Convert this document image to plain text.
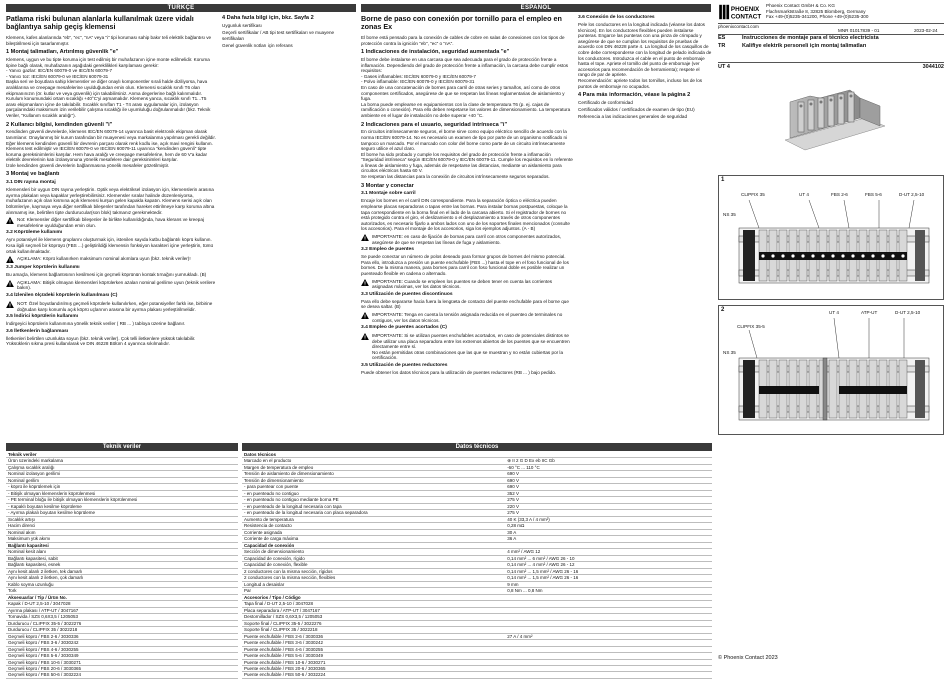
TÜRKÇE
Patlama riski bulunan alanlarla kullanılmak üzere vidalı bağlantıya sahip geçiş klemensi

Klemens, kafes alanlarında "eb", "ec", "nA" veya "i" tipi koruması sahip bakır teli elektrik bağlantısı ve bileştirilmesi için tasarlanmıştır.

1 Montaj talimatları, Artırılmış güvenlik "e"

Klemens, uygun ve bu tipte koruma için test edilmiş bir muhafazanın içine monte edilmelidir. Koruma tipine bağlı olarak, muhafazanın aşağıdaki gereklilikleri karşılaması gerekir:
- Yanıcı gazlar: IEC/EN 60079-0 ve IEC/EN 60079-7
- Yanıcı toz: IEC/EN 60079-0 ve IEC/EN 60079-31
Başka seri ve boyutlara sahip klemensler ve diğer onaylı komponentler sırali halde diziliyorsa, hava aralıklarına ve creepage mesafelerine uyulduğundan emin olun. Klemensi sıcaklık sınıfı T6 olan ekipmanınızın (ör. kutlar ve veya güvenlik) için takabilirsiniz. Anma degerlerine bağlı kalınmalıdır. Kurulum konumundaki ortam sıcaklığı +40°C'yi aşmamalıdır. Klemens yanca, sıcaklık sınıfı T1...T5 arası ekipmanların içine de takılabilir. Sıcaklık sınıfları T1 - T4 arası uygulamalar için, izolasyon parçalarındaki maksimum izin verilebilir çalışma sıcaklığı ile uyumluluğu doğrulanmalıdır (bkz. Teknik Veriler, "Kullanım sıcaklık aralığı").

2 Kullanıcı bilgisi, kendinden güvenli "i"

Kendinden güvenli devrelerde, klemens IEC/EN 60079-14 uyarınca basit elektronik ekipman olarak tanımlanır. Onaylanmış bir kurum tarafından bir muayenesi veya markalanma yapılması gerekli değildir. Eğer klemens kendinden güvenli bir devrenin parçası olarak renk kodlu ise, açık mavi rengini kullanın. Klemens test edilmiştir ve IEC/EN 60079-0 ve IEC/EN 60079-11 uyarınca "kendinden güvenli" tipte koruma gereksinimlerini karşılar. Hem hava aralığı ve creepage mesafelerine, hem de 60 V'a kadar elektrik devrelerinin katı izolasyonuna yönelik mesafelere dair gereksinimleri karşılar.
İzole kendinden güvenli devrelerin bağlanmasına yönelik mesafeler gözetilmiştir.

3 Montaj ve bağlantı
3.1 DIN rayına montaj

Klemensleri bir uygun DIN rayına yerleştirin. Optik veya elektriksel izolasyon için, klemenslerin arasına ayırma plakaları veya kapaklar yerleştirebilirsiniz. Klemensler sıralar halinde düzenleniyorsa, muhafazanın açık olan kısmına açık klemensi kurşun gelen kapakla kapatın. Klemens serisi açık olan bölümleriye, kaymaya veya diğer sertifikalı bileşenler tarafından hareket ettirilmeye karşı koruma altına alınmamış ise, belirtilen tipte durdurucular(son blok) takmanız gerekmektedir.

Not: Klemensler diğer sertifikalı bileşenler ile birlikte kullanıldığında, hava klerans ve kreepaj mesafelerine uyulduğundan emin olun.
3.2 Köprüleme kullanımı

Aynı potansiyel ile klemens gruplarını oluşturmak için, istenilen sayıda kutbu bağlantılı köprü kullanın. Kısa ilgili seçmeli bir köprüyü (FBS ...) geliştirildiği klemensin fonksiyon karakteri içine yerleştirin, tümü ortak kullanılmaktadır.

AÇIKLAMA: Köprü kullanırken maksimum nominal akımlara uyun (bkz. teknik veriler)!
3.3 Jumper köprülerin kullanımı

Bu amaçla, klemens bağlantısının kesilmesi için geçmeli köprünün kontak tırnağını yumrukladı. (B)

AÇIKLAMA: Bitişik olmayan klemensleri köprülerken azalan nominal gerilime uyun (teknik verilere bakın).
3.4 İzlenilen ölçüdeki köprülerin kullanılması (C)
NOT: Özel boyutlandırılmış geçmeli köprülerle kullanılırken, eğer potansiyeller farklı ise, birbirine doğrudan karşı konumlu açık köprü uçlarının arasına bir ayırma plakası yerleştirilmelidir.
3.5 İndirici köprülerin kullanımı

İndirgeyici köprülerin kullanımına yönelik teknik veriler ( RB ... ) tabloya üzerine bağlanır.

3.6 İletkenlerin bağlanması

İletkenleri belirtilen uzunlukta soyun (bkz. teknik veriler). Çok telli iletkenlere yüksük takılabilir. Yüksüklerin sıkma presi kullanılarak ve DIN 46228 Bölüm 4 uyarınca sıkılmalıdır.

4 Daha fazla bilgi için, bkz. Sayfa 2

Uygunluk sertifikası

Geçerli sertifikalar / AB tipi test sertifikaları ve muayene sertifikaları

Genel güvenlik notları için referans

ESPAÑOL
Borne de paso con conexión por tornillo para el empleo en zonas Ex

El borne está pensado para la conexión de cables de cobre en salas de conexiones con los tipos de protección contra la ignición "eb", "ec" o "nA".

1 Indicaciones de instalación, seguridad aumentada "e"

El borne debe instalarse en una carcasa que sea adecuada para el grado de protección frente a inflamación. Dependiendo del grado de protección frente a inflamación, la carcasa debe cumplir estos requisitos:
- Gases inflamables: IEC/EN 60079-0 y IEC/EN 60079-7
- Polvo inflamable: IEC/EN 60079-0 y IEC/EN 60079-31
En caso de una concatenación de bornes para carril de otras series y tamaños, así como de otros componentes certificados, asegúrese de que se respetan las líneas reglamentarias de aislamiento y fuga.
La borna puede emplearse en equipamientos con la clase de temperatura T6 (p. ej. cajas de ramificación o conexión). Para ello deben respetarse los valores de dimensionamiento. La temperatura ambiente en el lugar de instalación no debe superar +40 °C.

2 Indicaciones para el usuario, seguridad intrínseca "i"

En circuitos intrínsecamente seguros, el borne sirve como equipo eléctrico sencillo de acuerdo con la norma IEC/EN 60079-14. No es necesario un examen de tipo por parte de un organismo notificado ni tampoco un marcado. Por el marcado con color del borne como parte de un circuito intrínsecamente seguro utilice el azul claro.
El borne ha sido probado y cumple los requisitos del grado de protección frente a inflamación "Seguridad intrínseca" según IEC/EN 60079-0 y IEC/EN 60079-11. Cumple los requisitos en lo referente a líneas de aislamiento y fuga, además de respetarse las distancias, mediante un aislamiento para circuitos eléctricos hasta 60 V.
Se respetan las distancias para la conexión de circuitos intrínsecamente seguros separados.

3 Montar y conectar
3.1 Montaje sobre carril

Encaje los bornes en el carril DIN correspondiente. Para la separación óptica o eléctrica pueden emplearse placas separadoras o tapas entre las bornas. Para instalar bornas postpuestas, coloque la tapa correspondiente en la borna final en el lado de la carcasa abierto. Si el registrador de bornes no está protegido contra el giro, el deslizamiento o el desplazamiento a través de otros componentes autorizados, es necesario fijarlo a ambos lados con uno de los soportes finales mencionados (consulte los accesorios). Para el montaje de los accesorios, siga los ejemplos adjuntos. (A - B)

IMPORTANTE: en caso de fijación de bornas para carril con otros componentes autorizados, asegúrese de que se respetan las líneas de fuga y aislamiento.
3.2 Empleo de puentes

Se puede conectar un número de polos deseado para formar grupos de bornes del mismo potencial. Para ello, introduzca a presión un puente enchufable (FBS ...) hasta el tope en el foso funcional de los bornes. De la misma manera, para bornes para carril con foso funcional doble es posible realizar un puenteado flexible en cadena o alternado.

IMPORTANTE: Cuando se empleen los puentes se deben tener en cuenta las corrientes asignadas máximas, ver los datos técnicos.
3.3 Utilización de puentes discontinuos

Para ello debe separarse hacia fuera la lengüeta de contacto del puente enchufable para el borne que se desea saltar. (B)

IMPORTANTE: Tenga en cuenta la tensión asignada reducida en el puenteo de terminales no contiguos, ver los datos técnicos.
3.4 Empleo de puentes acortados (C)
IMPORTANTE: Si se utilizan puentes enchufables acortados, en caso de potenciales distintos se debe utilizar una placa separadora entre los extremos abiertos de los puentes que se encuentren directamente entre sí.
No están permitidas otras combinaciones que las que se muestran y no están cubiertas por la certificación.
3.5 Utilización de puentes reductores

Puede obtener los datos técnicos para la utilización de puentes reductores (RB ... ) bajo pedido.

3.6 Conexión de los conductores

Pele los conductores en la longitud indicada (véanse los datos técnicos). En los conductores flexibles pueden instalarse punteras. Engarce las punteras con una pinza de crimpado y asegúrese de que se cumplan los requisitos de pruebas de acuerdo con DIN 46228 parte 4. La longitud de los casquillos de cobre debe corresponderse con la longitud de pelado indicada de los conductores. Introduzca el cable en el punto de embornaje hasta el tope. Apriete el tornillo del punto de embornaje (ver accesorios para recomendación de herramienta); respete el rango de par de apriete.
Recomendación: apriete todos los tornillos, incluso los de los puntos de embornaje no ocupados.

4 Para más información, véase la página 2

Certificado de conformidad

Certificados válidos / certificados de examen de tipo (EU)

Referencia a las indicaciones generales de seguridad

PHOENIX
CONTACT
Phoenix Contact GmbH & Co. KG
Flachsmarktstraße 8, 32825 Blomberg, Germany
Fax +49-(0)5235-341200, Phone +49-(0)5235-300
phoenixcontact.com
MNR 01017839 - 01	2023-02-24
ES	Instrucciones de montaje para el técnico electricista
TR	Kalifiye elektrik personeli için montaj talimatları
UT 4	3044102
1
CLIPFIX 35	UT 4	FBS 2-6	FBS 5-6	D-UT 2,5-10
NS 35
2
CLIPFIX 35-5
UT 4	ATP-UT	D-UT 2,5-10
NS 35
Teknik veriler	Datos técnicos
Teknik veriler
Ürün üzerindeki markalama
Çalışma sıcaklık aralığı
Nominal izolasyon gerilimi
Nominal gerilim
- köprü ile köprülemek için
- Bitişik olmayan klemenslerin köprülenmesi
- PE terminal bloğu ile bitişik olmayan klemenslerin köprülenmesi
- Kapaklı boyutan kesilme köprüleme
- Ayırma plakalı boyutan kesilme köprüleme
Sıcaklık artışı
Hacim direnci
Nominal akım
Maksimum yük akımı
Bağlantı kapasitesi
Nominal kesit alanı
Bağlantı kapasitesi, sabit
Bağlantı kapasitesi, esnek
Aynı kesit alanlı 2 iletken, tek damarlı
Aynı kesit alanlı 2 iletken, çok damarlı
Kablo soyma uzunluğu
Tork
Aksesuarlar / Tip / Ürün No.
Kapak / D-UT 2,5-10 / 3047028
Ayırma plakası / ATP-UT / 3047167
Tornavida / SZS 0,6X3,5 / 1205053
Durdurucu / CLIPFIX 35-5 / 3022276
Durdurucu / CLIPFIX 35 / 3022218
Geçmeli köprü / FBS 2-6 / 3030336
Geçmeli köprü / FBS 3-6 / 3030242
Geçmeli köprü / FBS 4-6 / 3030255
Geçmeli köprü / FBS 5-6 / 3030349
Geçmeli köprü / FBS 10-6 / 3030271
Geçmeli köprü / FBS 20-6 / 3030365
Geçmeli köprü / FBS 50-6 / 3032224
Datos técnicos	
Marcado en el producto	⊛ II 2 G D Ex eb IIC Gb
Margen de temperatura de empleo	-60 °C ... 110 °C
Tensión de aislamiento de dimensionamiento	690 V
Tensión de dimensionamiento	690 V
- para puentear con puente	690 V
- en puenteado no contiguo	352 V
- en puenteado no contiguo mediante borna PE	275 V
- en puenteado de la longitud necesaria con tapa	220 V
- en puenteado de la longitud necesaria con placa separadora	275 V
Aumento de temperatura	40 K (33,3 A / 4 mm²)
Resistencia de contacto	0,28 mΩ
Corriente asignada	30 A
Corriente de carga máxima	36 A
Capacidad de conexión	
Sección de dimensionamiento	4 mm² / AWG 12
Capacidad de conexión, rígido	0,14 mm² ... 6 mm² / AWG 26 - 10
Capacidad de conexión, flexible	0,14 mm² ... 4 mm² / AWG 26 - 12
2 conductores con la misma sección, rígidos	0,14 mm² ... 1,5 mm² / AWG 26 - 16
2 conductores con la misma sección, flexibles	0,14 mm² ... 1,5 mm² / AWG 26 - 16
Longitud a desaislar	9 mm
Par	0,8 Nm ... 0,8 Nm
Accesorios / Tipo / Código	
Tapa final / D-UT 2,5-10 / 3047028	
Placa separadora / ATP-UT / 3047167	
Destornillador / SZS 0,6X3,5 / 1205053	
Soporte final / CLIPFIX 35-5 / 3022276	
Soporte final / CLIPFIX 35 / 3022218	
Puente enchufable / FBS 2-6 / 3030336	27 A / 4 mm²
Puente enchufable / FBS 3-6 / 3030242	
Puente enchufable / FBS 4-6 / 3030255	
Puente enchufable / FBS 5-6 / 3030349	
Puente enchufable / FBS 10-6 / 3030271	
Puente enchufable / FBS 20-6 / 3030365	
Puente enchufable / FBS 50-6 / 3032224	
© Phoenix Contact 2023
